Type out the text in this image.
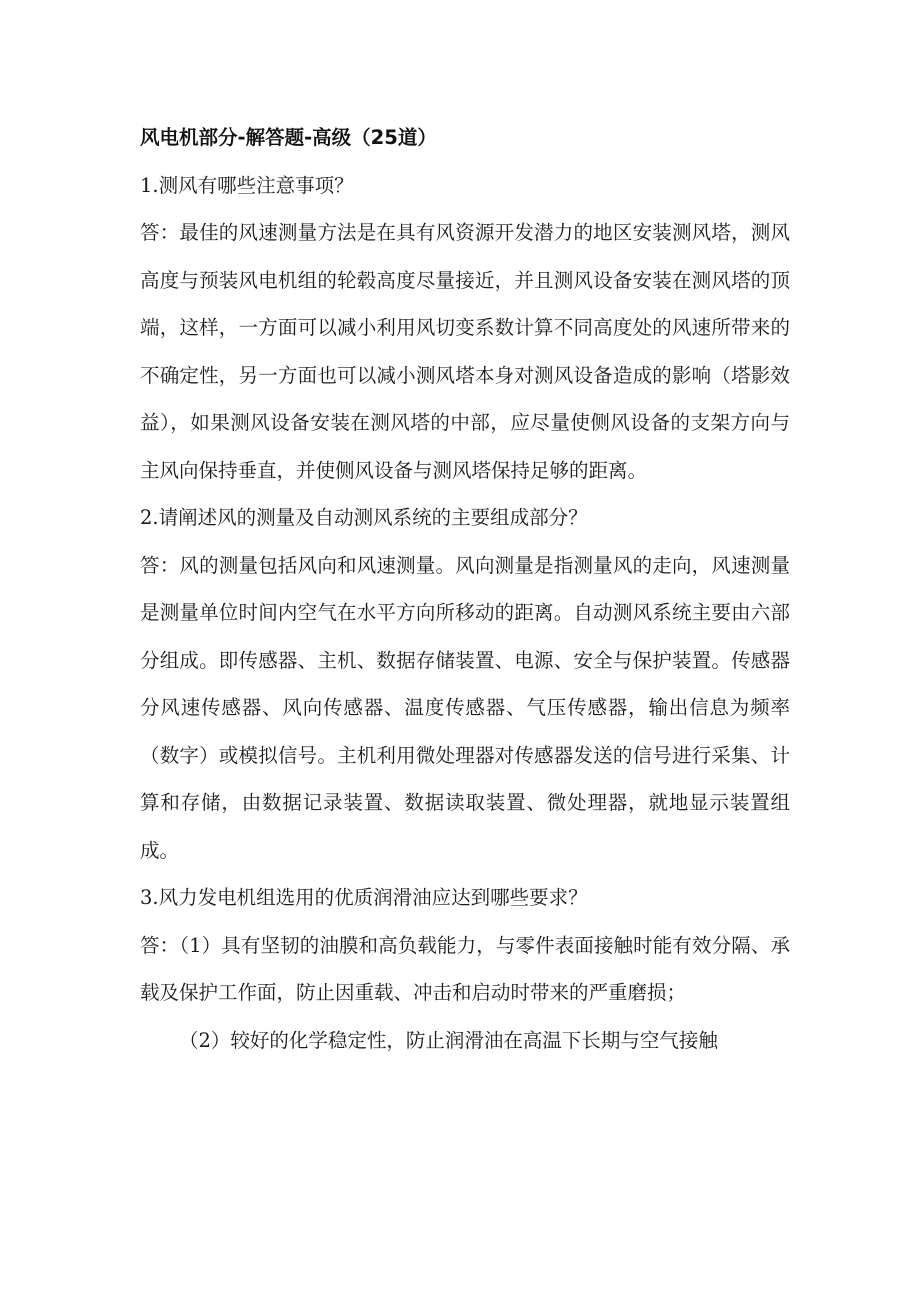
风电机部分-解答题-高级（25道）

1.测风有哪些注意事项？

答：最佳的风速测量方法是在具有风资源开发潜力的地区安装测风塔，测风高度与预装风电机组的轮毂高度尽量接近，并且测风设备安装在测风塔的顶端，这样，一方面可以减小利用风切变系数计算不同高度处的风速所带来的不确定性，另一方面也可以减小测风塔本身对测风设备造成的影响（塔影效益），如果测风设备安装在测风塔的中部，应尽量使侧风设备的支架方向与主风向保持垂直，并使侧风设备与测风塔保持足够的距离。

2.请阐述风的测量及自动测风系统的主要组成部分？

答：风的测量包括风向和风速测量。风向测量是指测量风的走向，风速测量是测量单位时间内空气在水平方向所移动的距离。自动测风系统主要由六部分组成。即传感器、主机、数据存储装置、电源、安全与保护装置。传感器分风速传感器、风向传感器、温度传感器、气压传感器，输出信息为频率（数字）或模拟信号。主机利用微处理器对传感器发送的信号进行采集、计算和存储，由数据记录装置、数据读取装置、微处理器，就地显示装置组成。

3.风力发电机组选用的优质润滑油应达到哪些要求？

答：（1）具有坚韧的油膜和高负载能力，与零件表面接触时能有效分隔、承载及保护工作面，防止因重载、冲击和启动时带来的严重磨损；

（2）较好的化学稳定性，防止润滑油在高温下长期与空气接触
